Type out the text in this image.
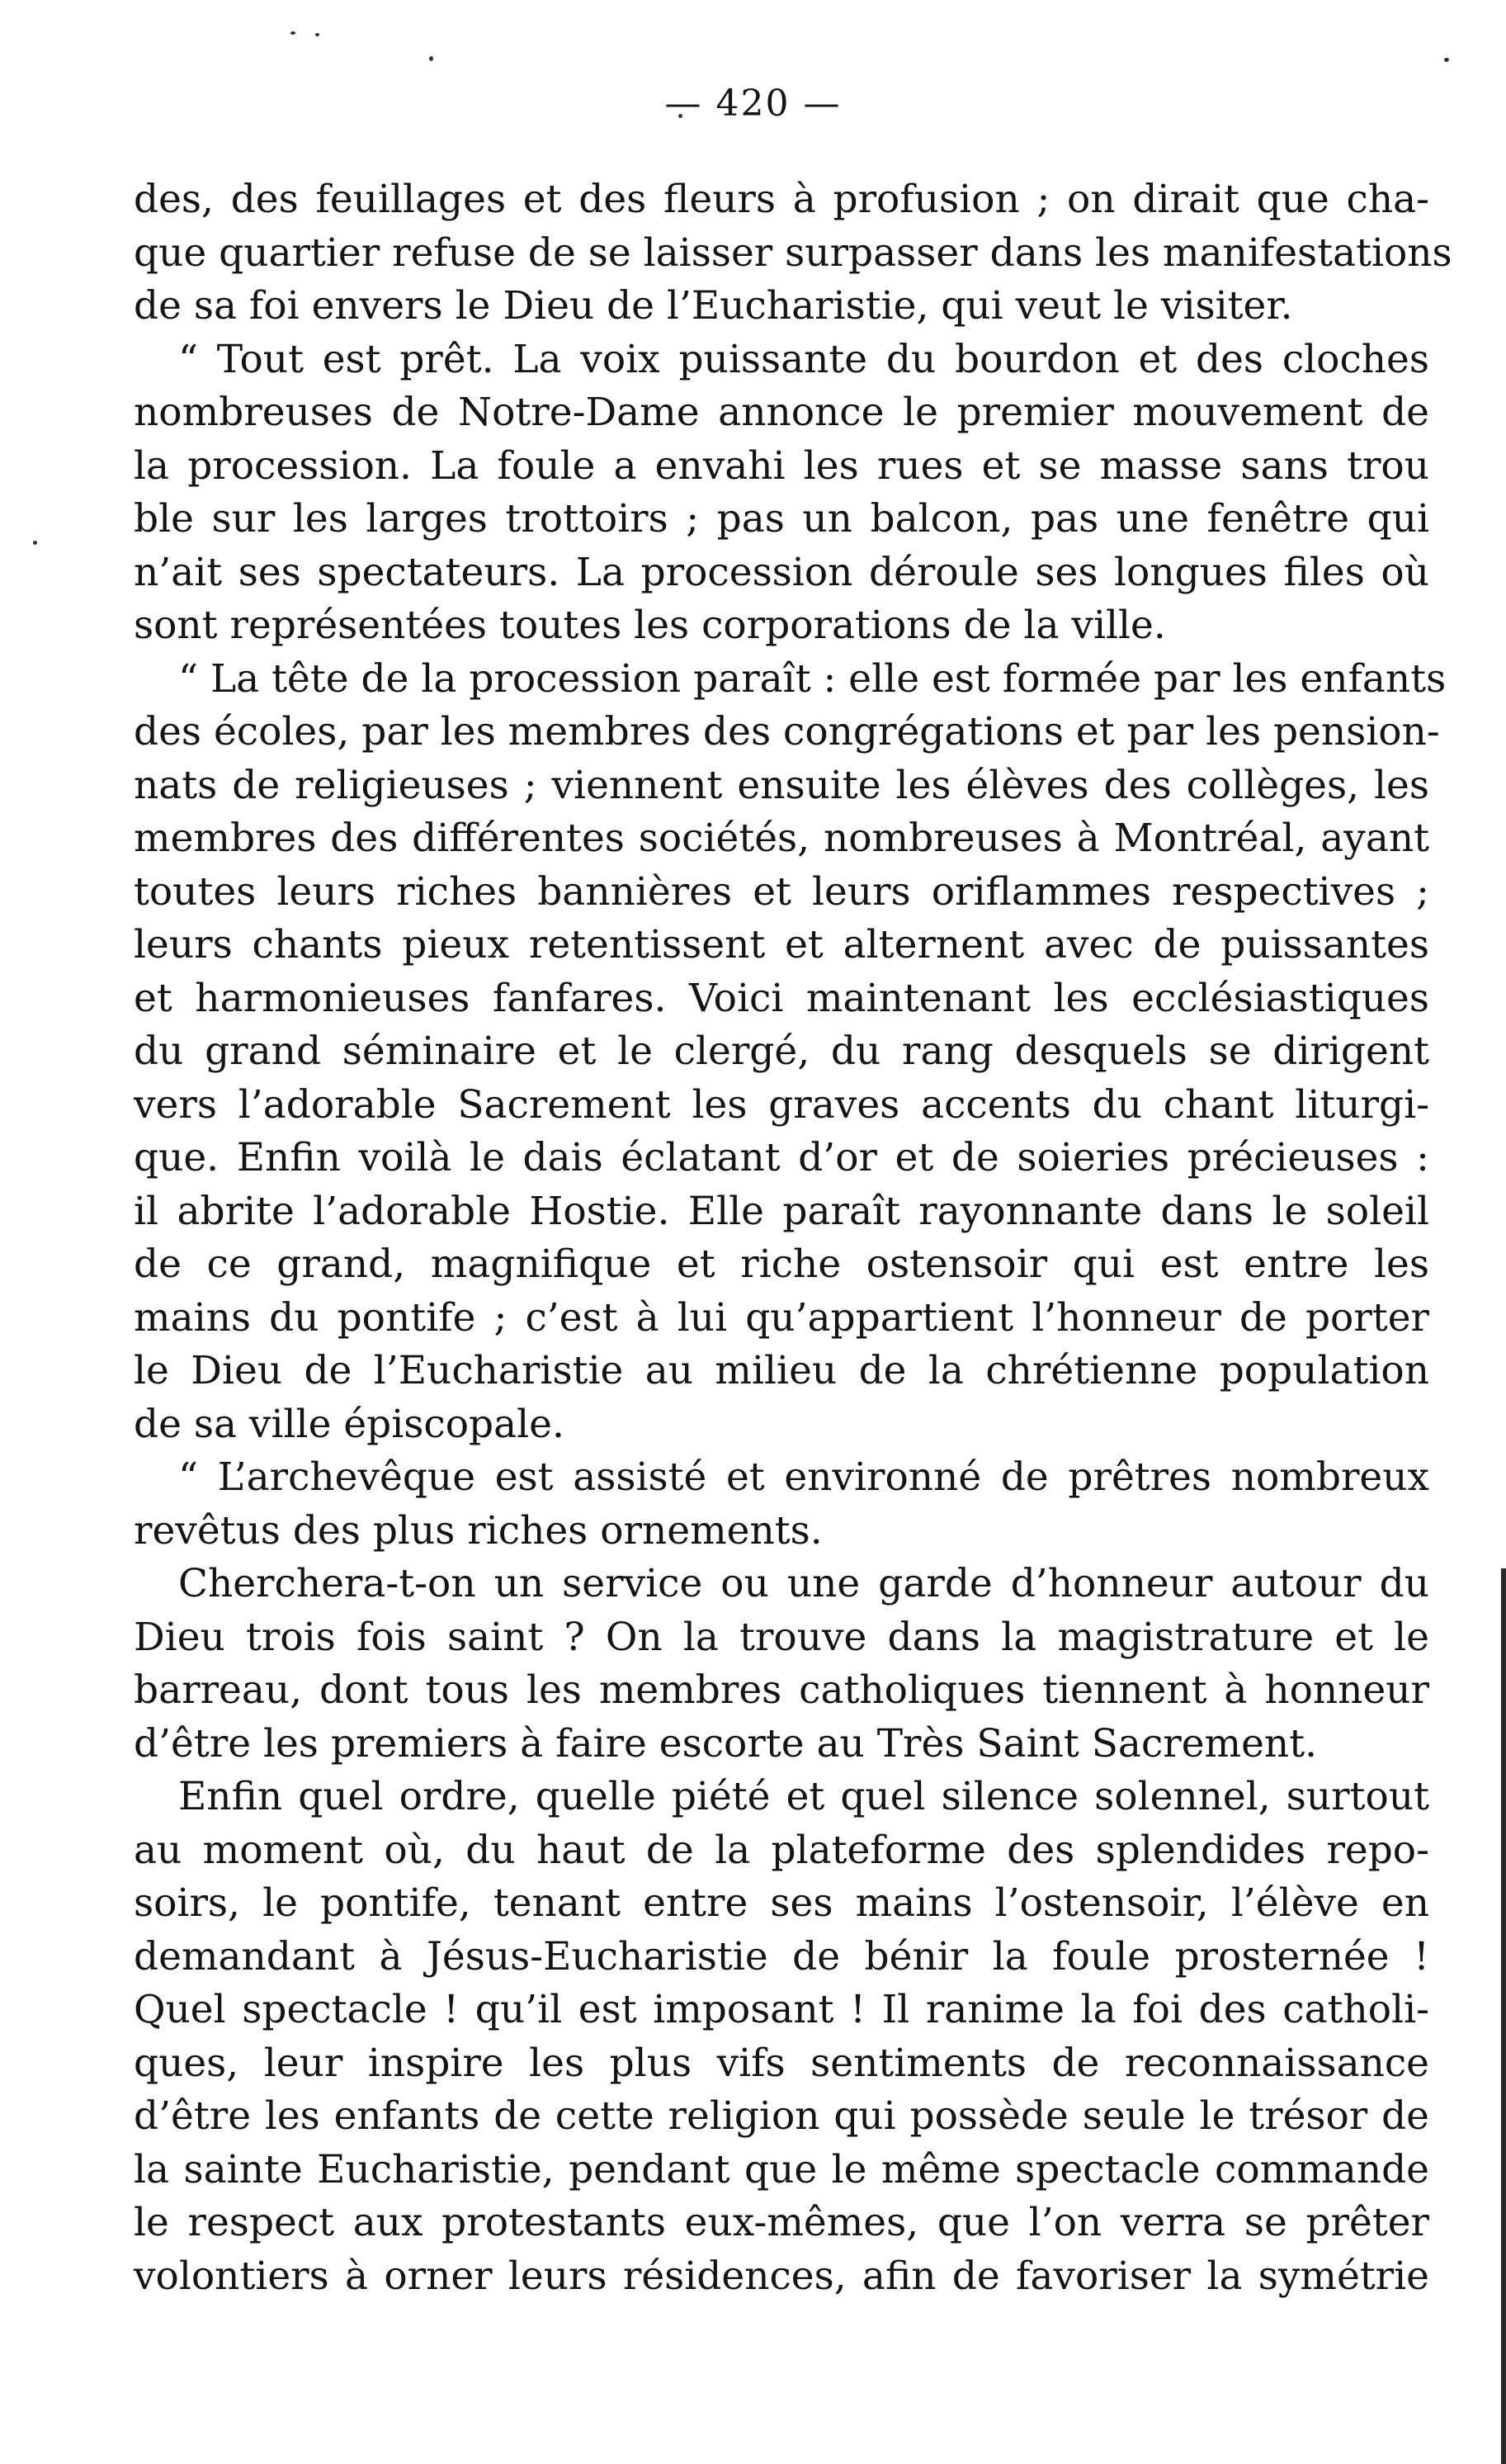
— 420 —
des, des feuillages et des fleurs à profusion ; on dirait que cha-
que quartier refuse de se laisser surpasser dans les manifestations
de sa foi envers le Dieu de l’Eucharistie, qui veut le visiter.
“ Tout est prêt. La voix puissante du bourdon et des cloches
nombreuses de Notre-Dame annonce le premier mouvement de
la procession. La foule a envahi les rues et se masse sans trou
ble sur les larges trottoirs ; pas un balcon, pas une fenêtre qui
n’ait ses spectateurs. La procession déroule ses longues files où
sont représentées toutes les corporations de la ville.
“ La tête de la procession paraît : elle est formée par les enfants
des écoles, par les membres des congrégations et par les pension-
nats de religieuses ; viennent ensuite les élèves des collèges, les
membres des différentes sociétés, nombreuses à Montréal, ayant
toutes leurs riches bannières et leurs oriflammes respectives ;
leurs chants pieux retentissent et alternent avec de puissantes
et harmonieuses fanfares. Voici maintenant les ecclésiastiques
du grand séminaire et le clergé, du rang desquels se dirigent
vers l’adorable Sacrement les graves accents du chant liturgi-
que. Enfin voilà le dais éclatant d’or et de soieries précieuses :
il abrite l’adorable Hostie. Elle paraît rayonnante dans le soleil
de ce grand, magnifique et riche ostensoir qui est entre les
mains du pontife ; c’est à lui qu’appartient l’honneur de porter
le Dieu de l’Eucharistie au milieu de la chrétienne population
de sa ville épiscopale.
“ L’archevêque est assisté et environné de prêtres nombreux
revêtus des plus riches ornements.
Cherchera-t-on un service ou une garde d’honneur autour du
Dieu trois fois saint ? On la trouve dans la magistrature et le
barreau, dont tous les membres catholiques tiennent à honneur
d’être les premiers à faire escorte au Très Saint Sacrement.
Enfin quel ordre, quelle piété et quel silence solennel, surtout
au moment où, du haut de la plateforme des splendides repo-
soirs, le pontife, tenant entre ses mains l’ostensoir, l’élève en
demandant à Jésus-Eucharistie de bénir la foule prosternée !
Quel spectacle ! qu’il est imposant ! Il ranime la foi des catholi-
ques, leur inspire les plus vifs sentiments de reconnaissance
d’être les enfants de cette religion qui possède seule le trésor de
la sainte Eucharistie, pendant que le même spectacle commande
le respect aux protestants eux-mêmes, que l’on verra se prêter
volontiers à orner leurs résidences, afin de favoriser la symétrie
